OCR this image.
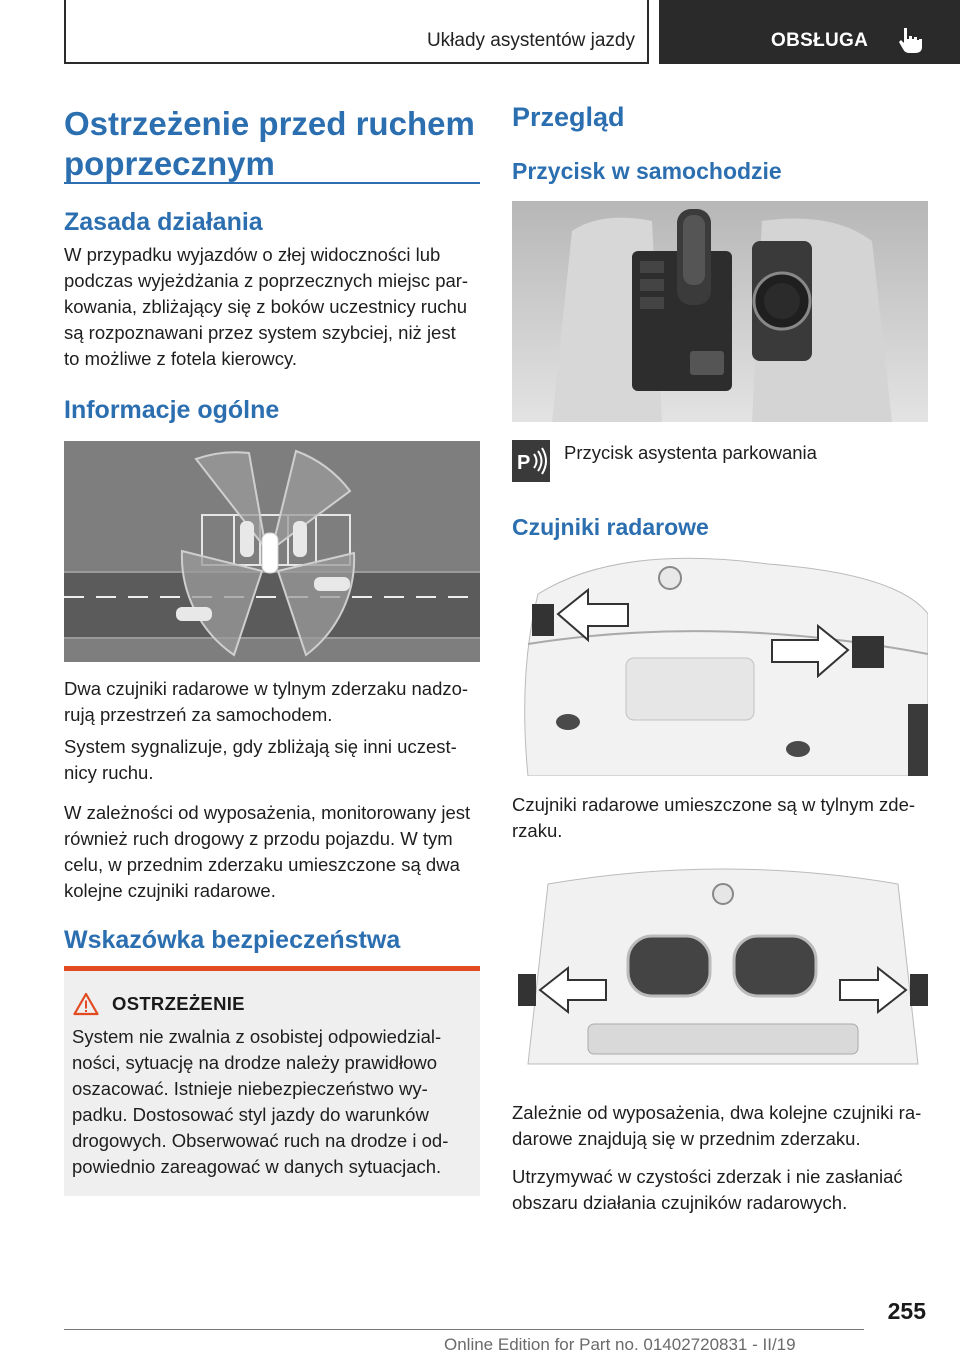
Układy asystentów jazdy	OBSŁUGA
Ostrzeżenie przed ruchem
poprzecznym
Zasada działania
W przypadku wyjazdów o złej widoczności lub
podczas wyjeżdżania z poprzecznych miejsc par-
kowania, zbliżający się z boków uczestnicy ruchu
są rozpoznawani przez system szybciej, niż jest
to możliwe z fotela kierowcy.
Informacje ogólne
Dwa czujniki radarowe w tylnym zderzaku nadzo-
rują przestrzeń za samochodem.
System sygnalizuje, gdy zbliżają się inni uczest-
nicy ruchu.
W zależności od wyposażenia, monitorowany jest
również ruch drogowy z przodu pojazdu. W tym
celu, w przednim zderzaku umieszczone są dwa
kolejne czujniki radarowe.
Wskazówka bezpieczeństwa
OSTRZEŻENIE
System nie zwalnia z osobistej odpowiedzial-
ności, sytuację na drodze należy prawidłowo
oszacować. Istnieje niebezpieczeństwo wy-
padku. Dostosować styl jazdy do warunków
drogowych. Obserwować ruch na drodze i od-
powiednio zareagować w danych sytuacjach.
Przegląd
Przycisk w samochodzie
P Przycisk asystenta parkowania
Czujniki radarowe
Czujniki radarowe umieszczone są w tylnym zde-
rzaku.
Zależnie od wyposażenia, dwa kolejne czujniki ra-
darowe znajdują się w przednim zderzaku.
Utrzymywać w czystości zderzak i nie zasłaniać
obszaru działania czujników radarowych.
255
Online Edition for Part no. 01402720831 - II/19
